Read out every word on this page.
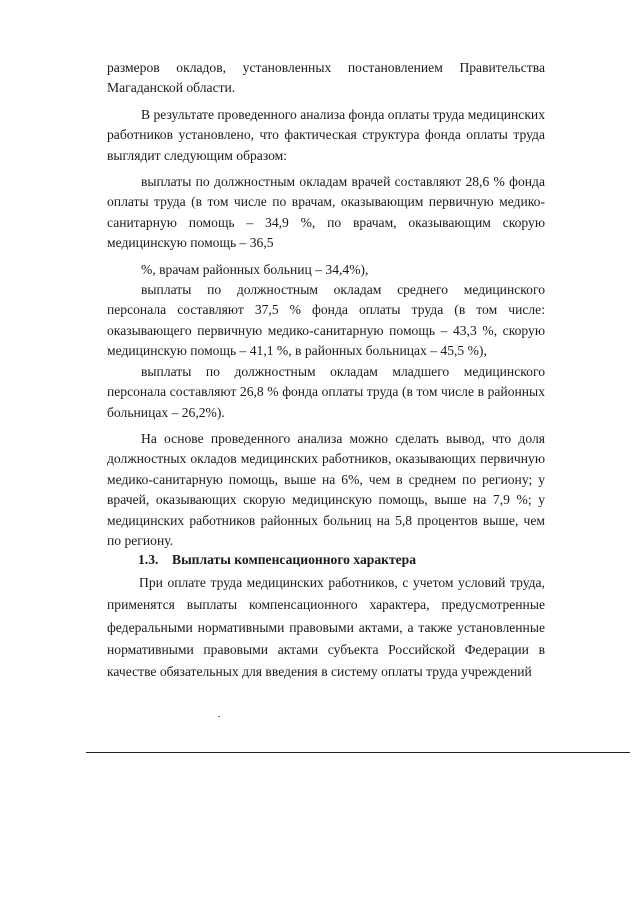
размеров окладов, установленных постановлением Правительства Магаданской области.

В результате проведенного анализа фонда оплаты труда медицинских работников установлено, что фактическая структура фонда оплаты труда выглядит следующим образом:

выплаты по должностным окладам врачей составляют 28,6 % фонда оплаты труда (в том числе по врачам, оказывающим первичную медико-санитарную помощь – 34,9 %, по врачам, оказывающим скорую медицинскую помощь – 36,5

%, врачам районных больниц – 34,4%),

выплаты по должностным окладам среднего медицинского персонала составляют 37,5 % фонда оплаты труда (в том числе: оказывающего первичную медико-санитарную помощь – 43,3 %, скорую медицинскую помощь – 41,1 %, в районных больницах – 45,5 %),

выплаты по должностным окладам младшего медицинского персонала составляют 26,8 % фонда оплаты труда (в том числе в районных больницах – 26,2%).

На основе проведенного анализа можно сделать вывод, что доля должностных окладов медицинских работников, оказывающих первичную медико-санитарную помощь, выше на 6%, чем в среднем по региону; у врачей, оказывающих скорую медицинскую помощь, выше на 7,9 %; у медицинских работников районных больниц на 5,8 процентов выше, чем по региону.

1.3. Выплаты компенсационного характера

При оплате труда медицинских работников, с учетом условий труда, применятся выплаты компенсационного характера, предусмотренные федеральными нормативными правовыми актами, а также установленные нормативными правовыми актами субъекта Российской Федерации в качестве обязательных для введения в систему оплаты труда учреждений
